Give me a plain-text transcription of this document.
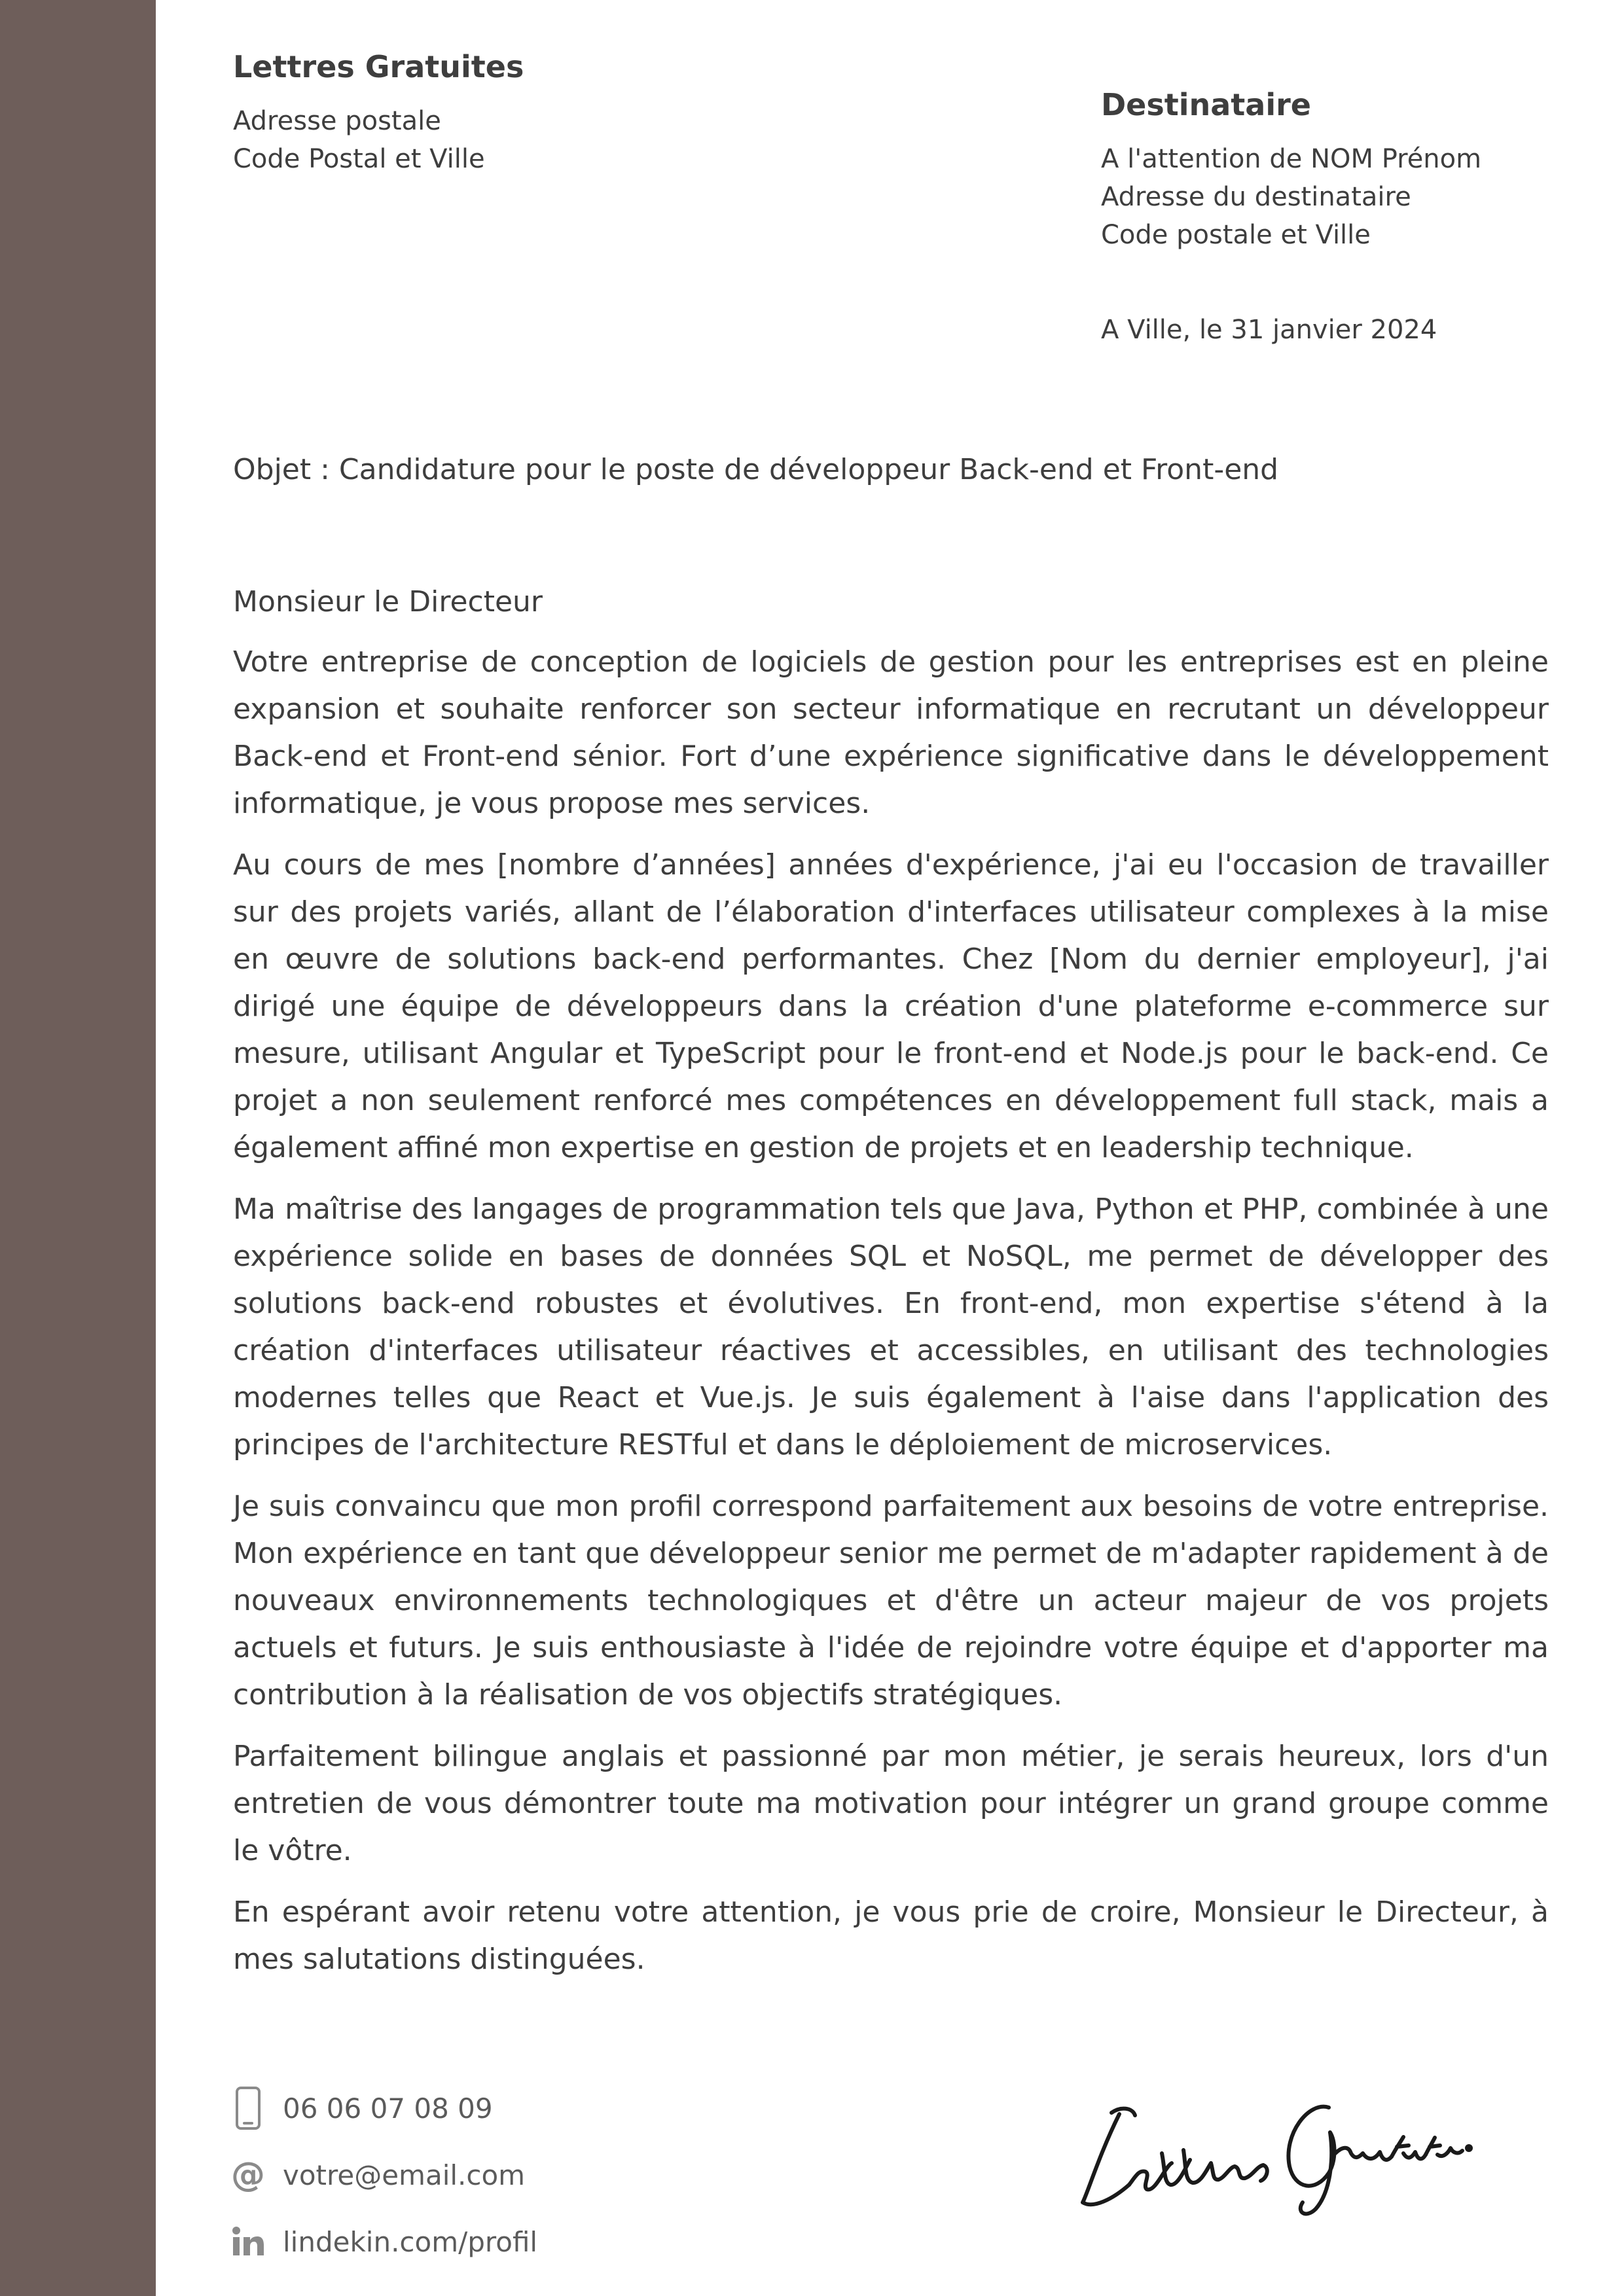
Lettres Gratuites
Adresse postale
Code Postal et Ville
Destinataire
A l'attention de NOM Prénom
Adresse du destinataire
Code postale et Ville
A Ville, le 31 janvier 2024
Objet : Candidature pour le poste de développeur Back-end et Front-end

Monsieur le Directeur

Votre entreprise de conception de logiciels de gestion pour les entreprises est en pleine expansion et souhaite renforcer son secteur informatique en recrutant un développeur Back-end et Front-end sénior. Fort d’une expérience significative dans le développement informatique, je vous propose mes services.

Au cours de mes [nombre d’années] années d'expérience, j'ai eu l'occasion de travailler sur des projets variés, allant de l’élaboration d'interfaces utilisateur complexes à la mise en œuvre de solutions back-end performantes. Chez [Nom du dernier employeur], j'ai dirigé une équipe de développeurs dans la création d'une plateforme e-commerce sur mesure, utilisant Angular et TypeScript pour le front-end et Node.js pour le back-end. Ce projet a non seulement renforcé mes compétences en développement full stack, mais a également affiné mon expertise en gestion de projets et en leadership technique.

Ma maîtrise des langages de programmation tels que Java, Python et PHP, combinée à une expérience solide en bases de données SQL et NoSQL, me permet de développer des solutions back-end robustes et évolutives. En front-end, mon expertise s'étend à la création d'interfaces utilisateur réactives et accessibles, en utilisant des technologies modernes telles que React et Vue.js. Je suis également à l'aise dans l'application des principes de l'architecture RESTful et dans le déploiement de microservices.

Je suis convaincu que mon profil correspond parfaitement aux besoins de votre entreprise. Mon expérience en tant que développeur senior me permet de m'adapter rapidement à de nouveaux environnements technologiques et d'être un acteur majeur de vos projets actuels et futurs. Je suis enthousiaste à l'idée de rejoindre votre équipe et d'apporter ma contribution à la réalisation de vos objectifs stratégiques.

Parfaitement bilingue anglais et passionné par mon métier, je serais heureux, lors d'un entretien de vous démontrer toute ma motivation pour intégrer un grand groupe comme le vôtre.

En espérant avoir retenu votre attention, je vous prie de croire, Monsieur le Directeur, à mes salutations distinguées.

06 06 07 08 09
@ votre@email.com
lindekin.com/profil
